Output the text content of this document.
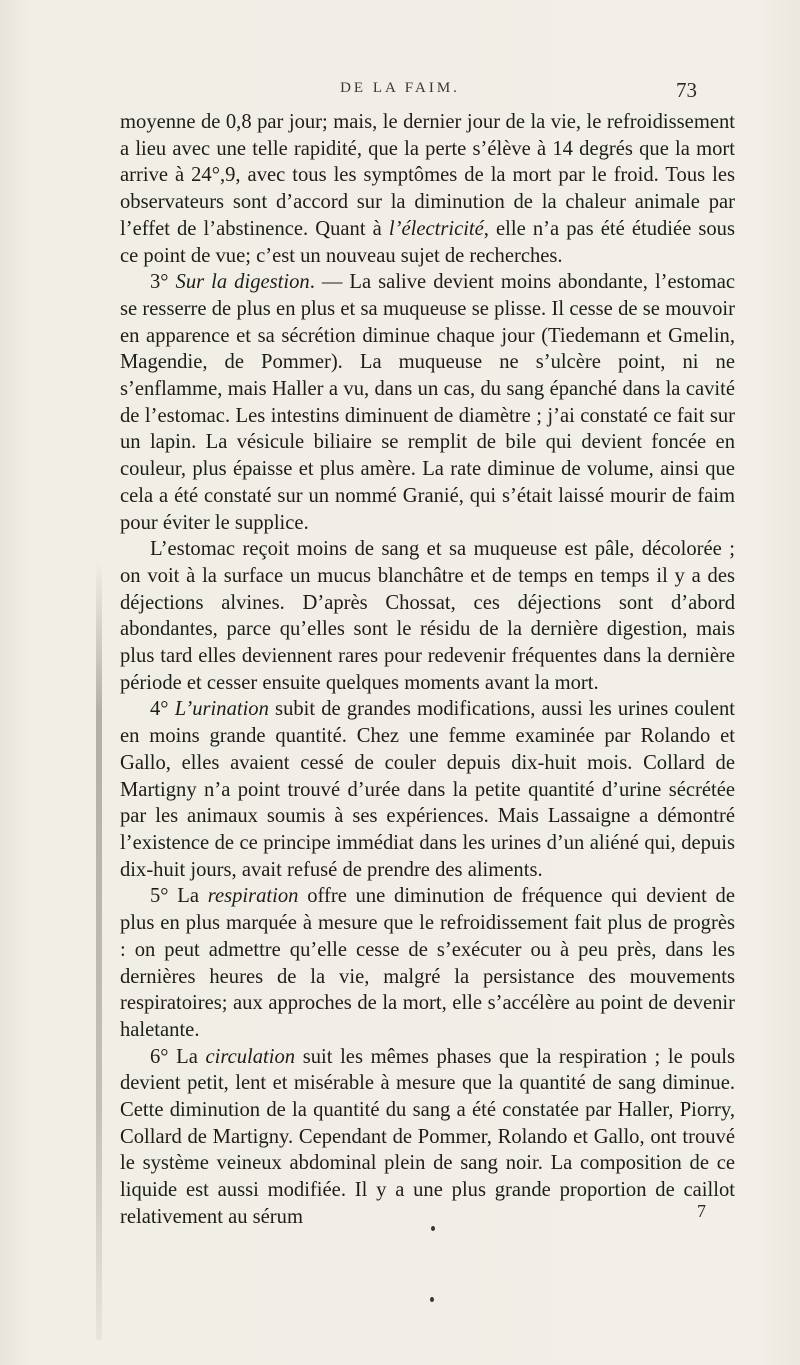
DE LA FAIM.	73

moyenne de 0,8 par jour; mais, le dernier jour de la vie, le refroidissement a lieu avec une telle rapidité, que la perte s’élève à 14 degrés que la mort arrive à 24°,9, avec tous les symptômes de la mort par le froid. Tous les observateurs sont d’accord sur la diminution de la chaleur animale par l’effet de l’abstinence. Quant à l’électricité, elle n’a pas été étudiée sous ce point de vue; c’est un nouveau sujet de recherches.

3° Sur la digestion. — La salive devient moins abondante, l’estomac se resserre de plus en plus et sa muqueuse se plisse. Il cesse de se mouvoir en apparence et sa sécrétion diminue chaque jour (Tiedemann et Gmelin, Magendie, de Pommer). La muqueuse ne s’ulcère point, ni ne s’enflamme, mais Haller a vu, dans un cas, du sang épanché dans la cavité de l’estomac. Les intestins diminuent de diamètre ; j’ai constaté ce fait sur un lapin. La vésicule biliaire se remplit de bile qui devient foncée en couleur, plus épaisse et plus amère. La rate diminue de volume, ainsi que cela a été constaté sur un nommé Granié, qui s’était laissé mourir de faim pour éviter le supplice.

L’estomac reçoit moins de sang et sa muqueuse est pâle, décolorée ; on voit à la surface un mucus blanchâtre et de temps en temps il y a des déjections alvines. D’après Chossat, ces déjections sont d’abord abondantes, parce qu’elles sont le résidu de la dernière digestion, mais plus tard elles deviennent rares pour redevenir fréquentes dans la dernière période et cesser ensuite quelques moments avant la mort.

4° L’urination subit de grandes modifications, aussi les urines coulent en moins grande quantité. Chez une femme examinée par Rolando et Gallo, elles avaient cessé de couler depuis dix-huit mois. Collard de Martigny n’a point trouvé d’urée dans la petite quantité d’urine sécrétée par les animaux soumis à ses expériences. Mais Lassaigne a démontré l’existence de ce principe immédiat dans les urines d’un aliéné qui, depuis dix-huit jours, avait refusé de prendre des aliments.

5° La respiration offre une diminution de fréquence qui devient de plus en plus marquée à mesure que le refroidissement fait plus de progrès : on peut admettre qu’elle cesse de s’exécuter ou à peu près, dans les dernières heures de la vie, malgré la persistance des mouvements respiratoires; aux approches de la mort, elle s’accélère au point de devenir haletante.

6° La circulation suit les mêmes phases que la respiration ; le pouls devient petit, lent et misérable à mesure que la quantité de sang diminue. Cette diminution de la quantité du sang a été constatée par Haller, Piorry, Collard de Martigny. Cependant de Pommer, Rolando et Gallo, ont trouvé le système veineux abdominal plein de sang noir. La composition de ce liquide est aussi modifiée. Il y a une plus grande proportion de caillot relativement au sérum	7
